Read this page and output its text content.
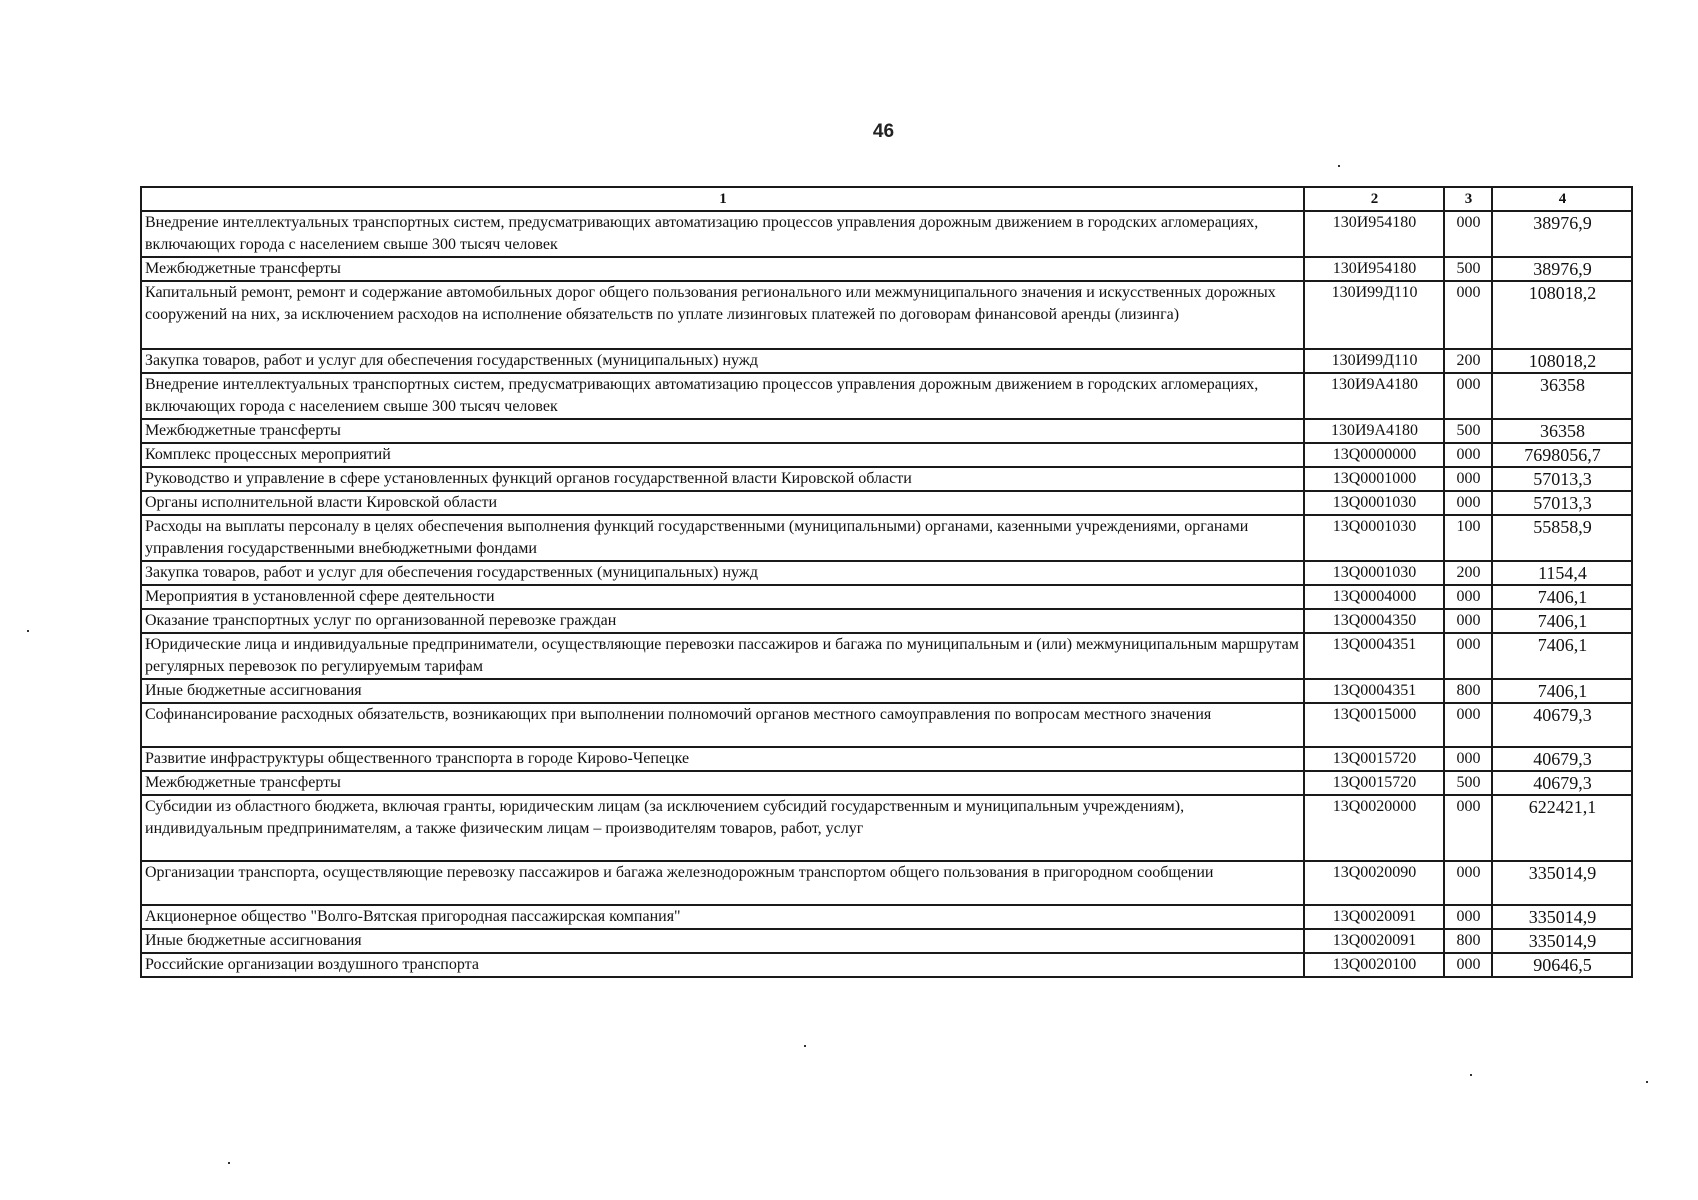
46
1	2	3	4
Внедрение интеллектуальных транспортных систем, предусматривающих автоматизацию процессов управления дорожным движением в городских агломерациях, включающих города с населением свыше 300 тысяч человек	130И954180	000	38976,9
Межбюджетные трансферты	130И954180	500	38976,9
Капитальный ремонт, ремонт и содержание автомобильных дорог общего пользования регионального или межмуниципального значения и искусственных дорожных сооружений на них, за исключением расходов на исполнение обязательств по уплате лизинговых платежей по договорам финансовой аренды (лизинга)	130И99Д110	000	108018,2
Закупка товаров, работ и услуг для обеспечения государственных (муниципальных) нужд	130И99Д110	200	108018,2
Внедрение интеллектуальных транспортных систем, предусматривающих автоматизацию процессов управления дорожным движением в городских агломерациях, включающих города с населением свыше 300 тысяч человек	130И9А4180	000	36358
Межбюджетные трансферты	130И9А4180	500	36358
Комплекс процессных мероприятий	13Q0000000	000	7698056,7
Руководство и управление в сфере установленных функций органов государственной власти Кировской области	13Q0001000	000	57013,3
Органы исполнительной власти Кировской области	13Q0001030	000	57013,3
Расходы на выплаты персоналу в целях обеспечения выполнения функций государственными (муниципальными) органами, казенными учреждениями, органами управления государственными внебюджетными фондами	13Q0001030	100	55858,9
Закупка товаров, работ и услуг для обеспечения государственных (муниципальных) нужд	13Q0001030	200	1154,4
Мероприятия в установленной сфере деятельности	13Q0004000	000	7406,1
Оказание транспортных услуг по организованной перевозке граждан	13Q0004350	000	7406,1
Юридические лица и индивидуальные предприниматели, осуществляющие перевозки пассажиров и багажа по муниципальным и (или) межмуниципальным маршрутам регулярных перевозок по регулируемым тарифам	13Q0004351	000	7406,1
Иные бюджетные ассигнования	13Q0004351	800	7406,1
Софинансирование расходных обязательств, возникающих при выполнении полномочий органов местного самоуправления по вопросам местного значения	13Q0015000	000	40679,3
Развитие инфраструктуры общественного транспорта в городе Кирово-Чепецке	13Q0015720	000	40679,3
Межбюджетные трансферты	13Q0015720	500	40679,3
Субсидии из областного бюджета, включая гранты, юридическим лицам (за исключением субсидий государственным и муниципальным учреждениям), индивидуальным предпринимателям, а также физическим лицам – производителям товаров, работ, услуг	13Q0020000	000	622421,1
Организации транспорта, осуществляющие перевозку пассажиров и багажа железнодорожным транспортом общего пользования в пригородном сообщении	13Q0020090	000	335014,9
Акционерное общество "Волго-Вятская пригородная пассажирская компания"	13Q0020091	000	335014,9
Иные бюджетные ассигнования	13Q0020091	800	335014,9
Российские организации воздушного транспорта	13Q0020100	000	90646,5
